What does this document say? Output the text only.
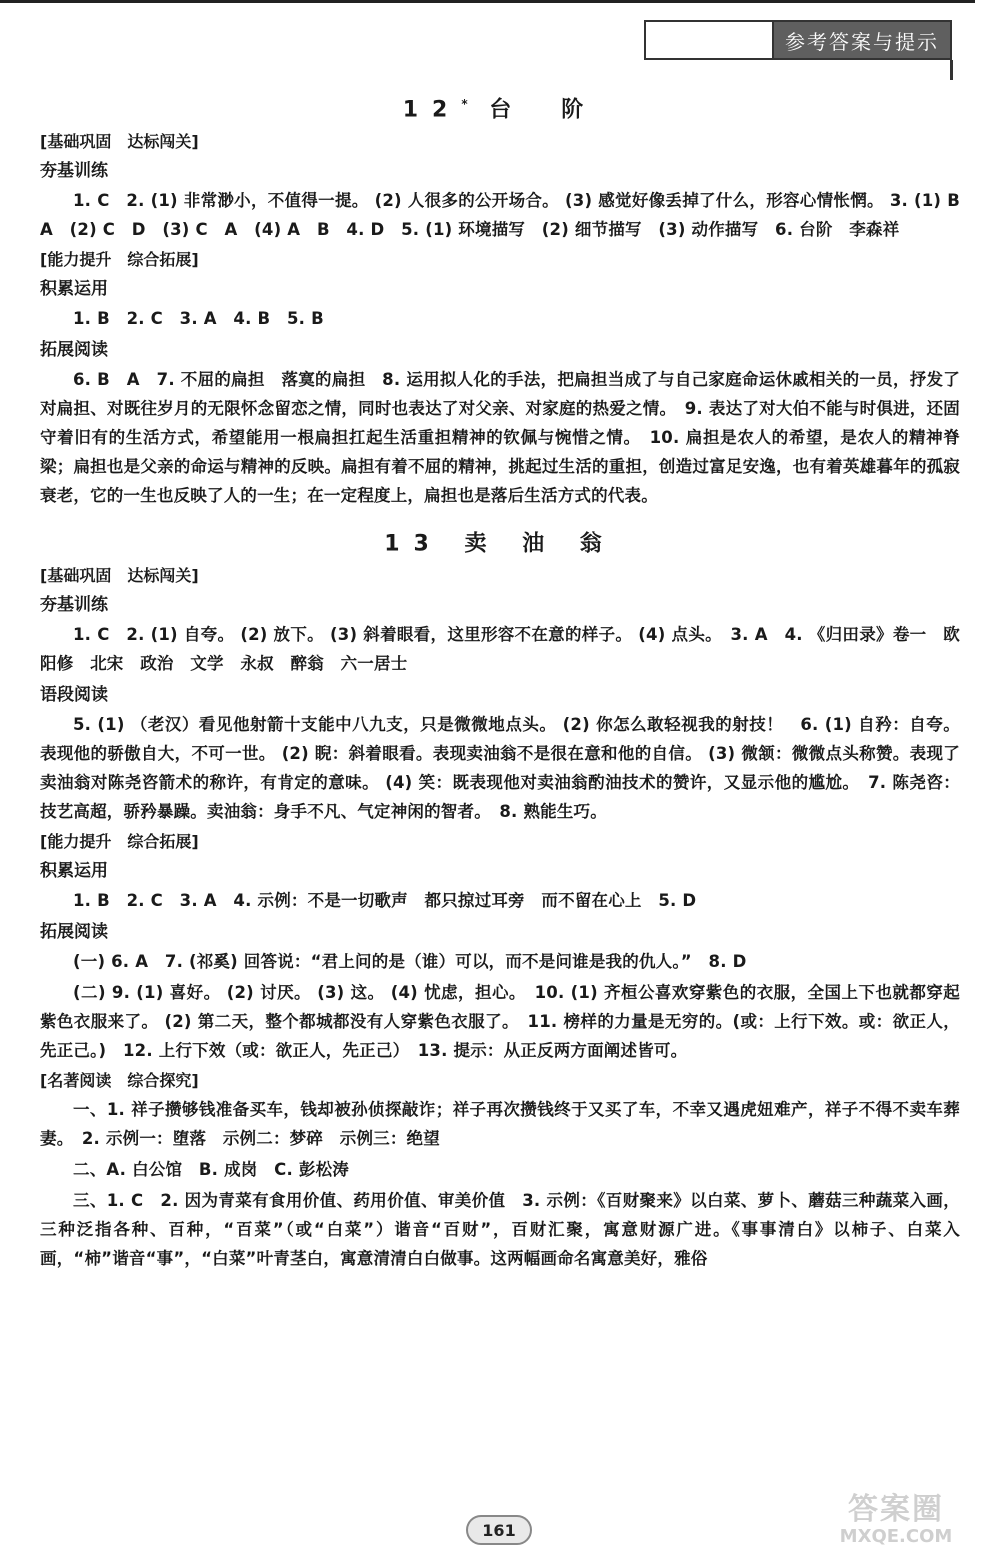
参考答案与提示
12* 台　阶

[基础巩固　达标闯关]

夯基训练

1. C　2. (1) 非常渺小，不值得一提。 (2) 人很多的公开场合。 (3) 感觉好像丢掉了什么，形容心情怅惘。 3. (1) B　A　(2) C　D　(3) C　A　(4) A　B　4. D　5. (1) 环境描写　(2) 细节描写　(3) 动作描写　6. 台阶　李森祥

[能力提升　综合拓展]

积累运用

1. B　2. C　3. A　4. B　5. B

拓展阅读

6. B　A　7. 不屈的扁担　落寞的扁担　8. 运用拟人化的手法，把扁担当成了与自己家庭命运休戚相关的一员，抒发了对扁担、对既往岁月的无限怀念留恋之情，同时也表达了对父亲、对家庭的热爱之情。　9. 表达了对大伯不能与时俱进，还固守着旧有的生活方式，希望能用一根扁担扛起生活重担精神的钦佩与惋惜之情。　10. 扁担是农人的希望，是农人的精神脊梁；扁担也是父亲的命运与精神的反映。扁担有着不屈的精神，挑起过生活的重担，创造过富足安逸，也有着英雄暮年的孤寂衰老，它的一生也反映了人的一生；在一定程度上，扁担也是落后生活方式的代表。

13 卖 油 翁

[基础巩固　达标闯关]

夯基训练

1. C　2. (1) 自夸。 (2) 放下。 (3) 斜着眼看，这里形容不在意的样子。 (4) 点头。　3. A　4. 《归田录》卷一　欧阳修　北宋　政治　文学　永叔　醉翁　六一居士

语段阅读

5. (1) （老汉）看见他射箭十支能中八九支，只是微微地点头。 (2) 你怎么敢轻视我的射技！　6. (1) 自矜：自夸。表现他的骄傲自大，不可一世。 (2) 睨：斜着眼看。表现卖油翁不是很在意和他的自信。 (3) 微颔：微微点头称赞。表现了卖油翁对陈尧咨箭术的称许，有肯定的意味。 (4) 笑：既表现他对卖油翁酌油技术的赞许，又显示他的尴尬。　7. 陈尧咨：技艺高超，骄矜暴躁。卖油翁：身手不凡、气定神闲的智者。　8. 熟能生巧。

[能力提升　综合拓展]

积累运用

1. B　2. C　3. A　4. 示例：不是一切歌声　都只掠过耳旁　而不留在心上　5. D

拓展阅读

(一) 6. A　7. (祁奚) 回答说：“君上问的是（谁）可以，而不是问谁是我的仇人。”　8. D

(二) 9. (1) 喜好。 (2) 讨厌。 (3) 这。 (4) 忧虑，担心。　10. (1) 齐桓公喜欢穿紫色的衣服，全国上下也就都穿起紫色衣服来了。 (2) 第二天，整个都城都没有人穿紫色衣服了。　11. 榜样的力量是无穷的。(或：上行下效。或：欲正人，先正己。)　12. 上行下效（或：欲正人，先正己）　13. 提示：从正反两方面阐述皆可。

[名著阅读　综合探究]

一、1. 祥子攒够钱准备买车，钱却被孙侦探敲诈；祥子再次攒钱终于又买了车，不幸又遇虎妞难产，祥子不得不卖车葬妻。　2. 示例一：堕落　示例二：梦碎　示例三：绝望

二、A. 白公馆　B. 成岗　C. 彭松涛

三、1. C　2. 因为青菜有食用价值、药用价值、审美价值　3. 示例：《百财聚来》以白菜、萝卜、蘑菇三种蔬菜入画，三种泛指各种、百种，“百菜”（或“白菜”）谐音“百财”，百财汇聚，寓意财源广进。《事事清白》以柿子、白菜入画，“柿”谐音“事”，“白菜”叶青茎白，寓意清清白白做事。这两幅画命名寓意美好，雅俗

161
答案圈
MXQE.COM
